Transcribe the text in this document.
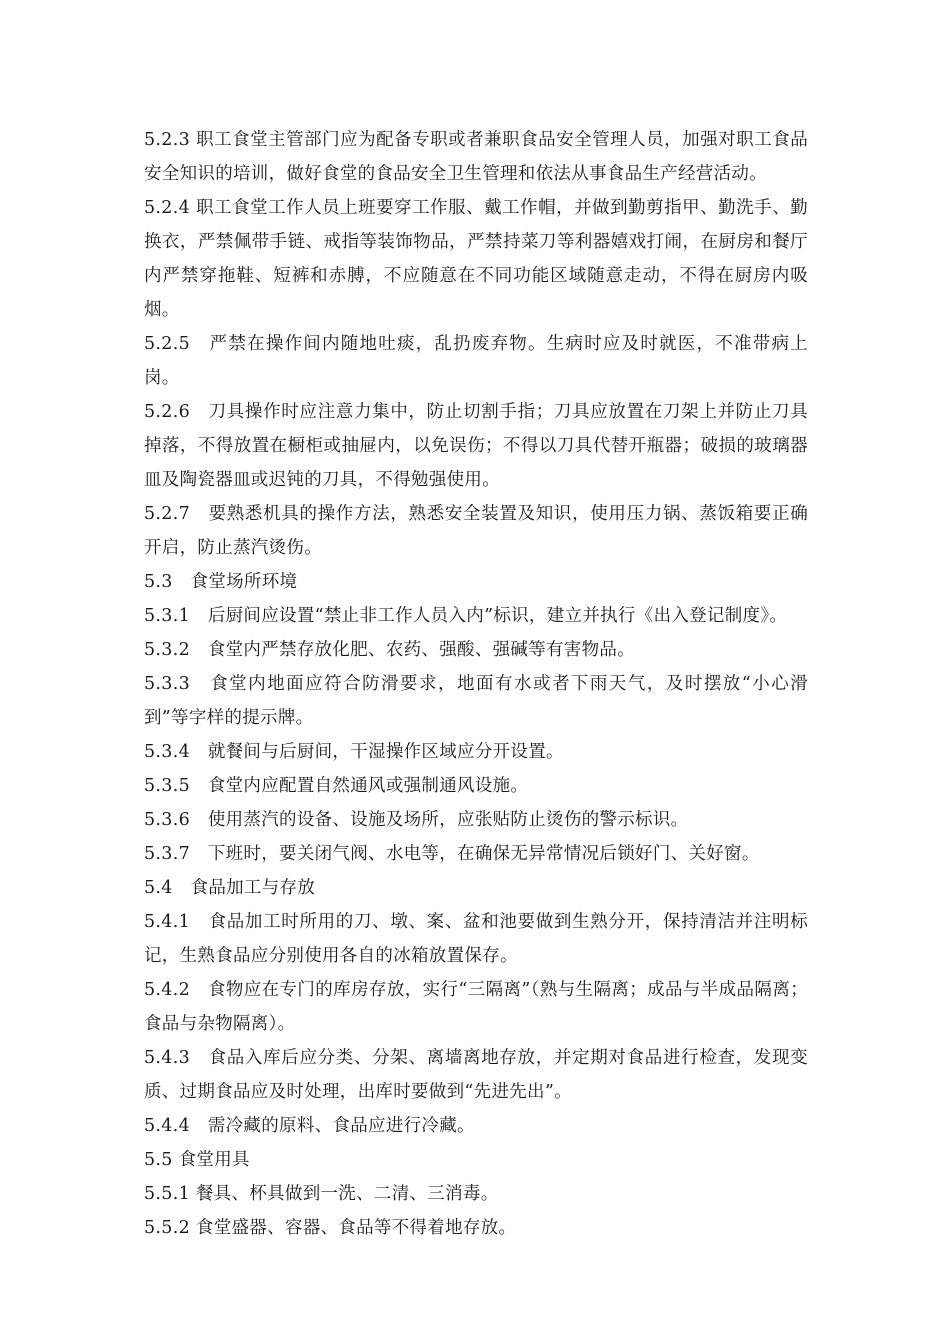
5.2.3 职工食堂主管部门应为配备专职或者兼职食品安全管理人员，加强对职工食品安全知识的培训，做好食堂的食品安全卫生管理和依法从事食品生产经营活动。

5.2.4 职工食堂工作人员上班要穿工作服、戴工作帽，并做到勤剪指甲、勤洗手、勤换衣，严禁佩带手链、戒指等装饰物品，严禁持菜刀等利器嬉戏打闹，在厨房和餐厅内严禁穿拖鞋、短裤和赤膊，不应随意在不同功能区域随意走动，不得在厨房内吸烟。

5.2.5　严禁在操作间内随地吐痰，乱扔废弃物。生病时应及时就医，不准带病上岗。

5.2.6　刀具操作时应注意力集中，防止切割手指；刀具应放置在刀架上并防止刀具掉落，不得放置在橱柜或抽屉内，以免误伤；不得以刀具代替开瓶器；破损的玻璃器皿及陶瓷器皿或迟钝的刀具，不得勉强使用。

5.2.7　要熟悉机具的操作方法，熟悉安全装置及知识，使用压力锅、蒸饭箱要正确开启，防止蒸汽烫伤。

5.3　食堂场所环境

5.3.1　后厨间应设置“禁止非工作人员入内”标识，建立并执行《出入登记制度》。

5.3.2　食堂内严禁存放化肥、农药、强酸、强碱等有害物品。

5.3.3　食堂内地面应符合防滑要求，地面有水或者下雨天气，及时摆放“小心滑到”等字样的提示牌。

5.3.4　就餐间与后厨间，干湿操作区域应分开设置。

5.3.5　食堂内应配置自然通风或强制通风设施。

5.3.6　使用蒸汽的设备、设施及场所，应张贴防止烫伤的警示标识。

5.3.7　下班时，要关闭气阀、水电等，在确保无异常情况后锁好门、关好窗。

5.4　食品加工与存放

5.4.1　食品加工时所用的刀、墩、案、盆和池要做到生熟分开，保持清洁并注明标记，生熟食品应分别使用各自的冰箱放置保存。

5.4.2　食物应在专门的库房存放，实行“三隔离”（熟与生隔离；成品与半成品隔离；食品与杂物隔离）。

5.4.3　食品入库后应分类、分架、离墙离地存放，并定期对食品进行检查，发现变质、过期食品应及时处理，出库时要做到“先进先出”。

5.4.4　需冷藏的原料、食品应进行冷藏。

5.5 食堂用具

5.5.1 餐具、杯具做到一洗、二清、三消毒。

5.5.2 食堂盛器、容器、食品等不得着地存放。
